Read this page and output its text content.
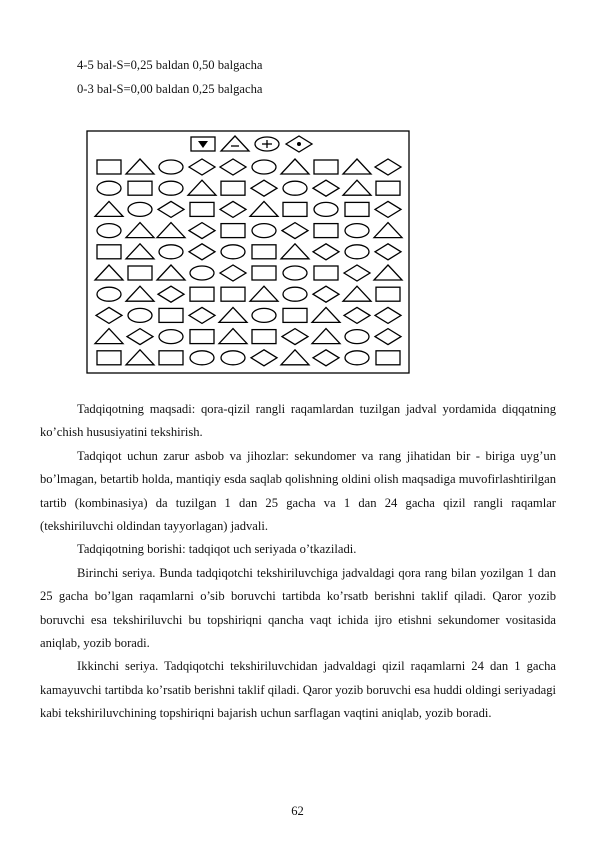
4-5 bal-S=0,25 baldan 0,50 balgacha
0-3 bal-S=0,00 baldan 0,25 balgacha
Tadqiqotning maqsadi: qora-qizil rangli raqamlardan tuzilgan jadval yordamida diqqatning ko’chish hususiyatini tekshirish.
Tadqiqot uchun zarur asbob va jihozlar: sekundomer va rang jihatidan bir - biriga uyg’un bo’lmagan, betartib holda, mantiqiy esda saqlab qolishning oldini olish maqsadiga muvofirlashtirilgan tartib (kombinasiya) da tuzilgan 1 dan 25 gacha va 1 dan 24 gacha qizil rangli raqamlar (tekshiriluvchi oldindan tayyorlagan) jadvali.
Tadqiqotning borishi: tadqiqot uch seriyada o’tkaziladi.
Birinchi seriya. Bunda tadqiqotchi tekshiriluvchiga jadvaldagi qora rang bilan yozilgan 1 dan 25 gacha bo’lgan raqamlarni o’sib boruvchi tartibda ko’rsatb berishni taklif qiladi. Qaror yozib boruvchi esa tekshiriluvchi bu topshiriqni qancha vaqt ichida ijro etishni sekundomer vositasida aniqlab, yozib boradi.
Ikkinchi seriya. Tadqiqotchi tekshiriluvchidan jadvaldagi qizil raqamlarni 24 dan 1 gacha kamayuvchi tartibda ko’rsatib berishni taklif qiladi. Qaror yozib boruvchi esa huddi oldingi seriyadagi kabi tekshiriluvchining topshiriqni bajarish uchun sarflagan vaqtini aniqlab, yozib boradi.
62
